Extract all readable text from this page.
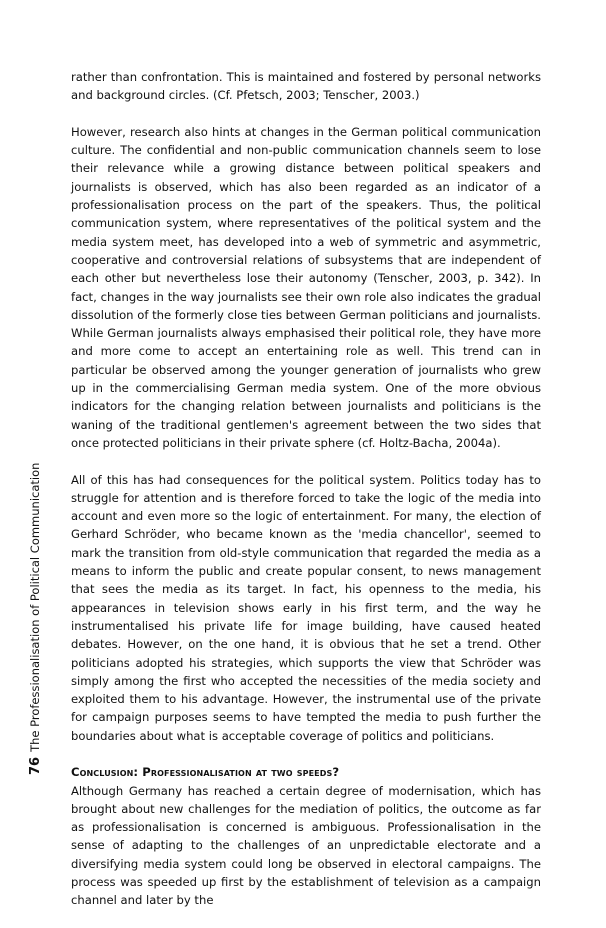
76The Professionalisation of Political Communication

rather than confrontation. This is maintained and fostered by personal networks and background circles. (Cf. Pfetsch, 2003; Tenscher, 2003.)

However, research also hints at changes in the German political communication culture. The confidential and non-public communication channels seem to lose their relevance while a growing distance between political speakers and journalists is observed, which has also been regarded as an indicator of a professionalisation process on the part of the speakers. Thus, the political communication system, where representatives of the political system and the media system meet, has developed into a web of symmetric and asymmetric, cooperative and controversial relations of subsystems that are independent of each other but nevertheless lose their autonomy (Tenscher, 2003, p. 342). In fact, changes in the way journalists see their own role also indicates the gradual dissolution of the formerly close ties between German politicians and journalists. While German journalists always emphasised their political role, they have more and more come to accept an entertaining role as well. This trend can in particular be observed among the younger generation of journalists who grew up in the commercialising German media system. One of the more obvious indicators for the changing relation between journalists and politicians is the waning of the traditional gentlemen's agreement between the two sides that once protected politicians in their private sphere (cf. Holtz-Bacha, 2004a).

All of this has had consequences for the political system. Politics today has to struggle for attention and is therefore forced to take the logic of the media into account and even more so the logic of entertainment. For many, the election of Gerhard Schröder, who became known as the 'media chancellor', seemed to mark the transition from old-style communication that regarded the media as a means to inform the public and create popular consent, to news management that sees the media as its target. In fact, his openness to the media, his appearances in television shows early in his first term, and the way he instrumentalised his private life for image building, have caused heated debates. However, on the one hand, it is obvious that he set a trend. Other politicians adopted his strategies, which supports the view that Schröder was simply among the first who accepted the necessities of the media society and exploited them to his advantage. However, the instrumental use of the private for campaign purposes seems to have tempted the media to push further the boundaries about what is acceptable coverage of politics and politicians.

Conclusion: Professionalisation at two speeds?

Although Germany has reached a certain degree of modernisation, which has brought about new challenges for the mediation of politics, the outcome as far as professionalisation is concerned is ambiguous. Professionalisation in the sense of adapting to the challenges of an unpredictable electorate and a diversifying media system could long be observed in electoral campaigns. The process was speeded up first by the establishment of television as a campaign channel and later by the
